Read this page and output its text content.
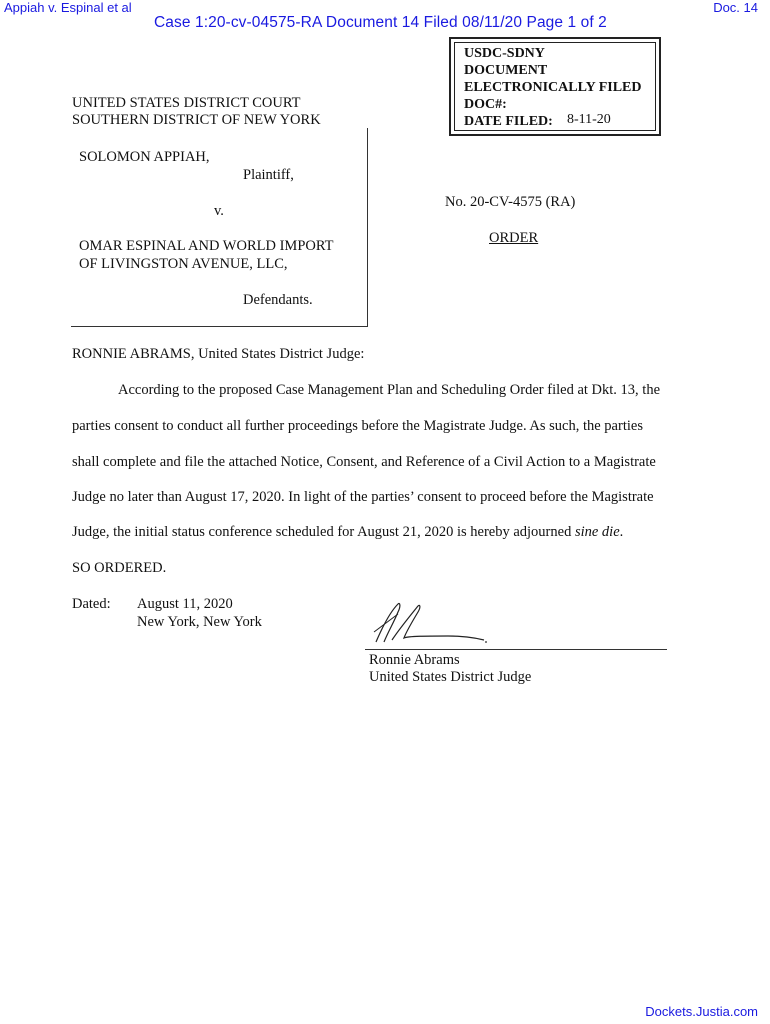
Appiah v. Espinal et al	Doc. 14
Case 1:20-cv-04575-RA Document 14 Filed 08/11/20 Page 1 of 2
USDC-SDNY
DOCUMENT
ELECTRONICALLY FILED
DOC#:
DATE FILED: 8-11-20
UNITED STATES DISTRICT COURT
SOUTHERN DISTRICT OF NEW YORK
SOLOMON APPIAH,
Plaintiff,
v.
OMAR ESPINAL AND WORLD IMPORT
OF LIVINGSTON AVENUE, LLC,
Defendants.
No. 20-CV-4575 (RA)
ORDER
RONNIE ABRAMS, United States District Judge:
According to the proposed Case Management Plan and Scheduling Order filed at Dkt. 13, the
parties consent to conduct all further proceedings before the Magistrate Judge. As such, the parties
shall complete and file the attached Notice, Consent, and Reference of a Civil Action to a Magistrate
Judge no later than August 17, 2020. In light of the parties’ consent to proceed before the Magistrate
Judge, the initial status conference scheduled for August 21, 2020 is hereby adjourned sine die.
SO ORDERED.
Dated: August 11, 2020
New York, New York
Ronnie Abrams
United States District Judge
Dockets.Justia.com
